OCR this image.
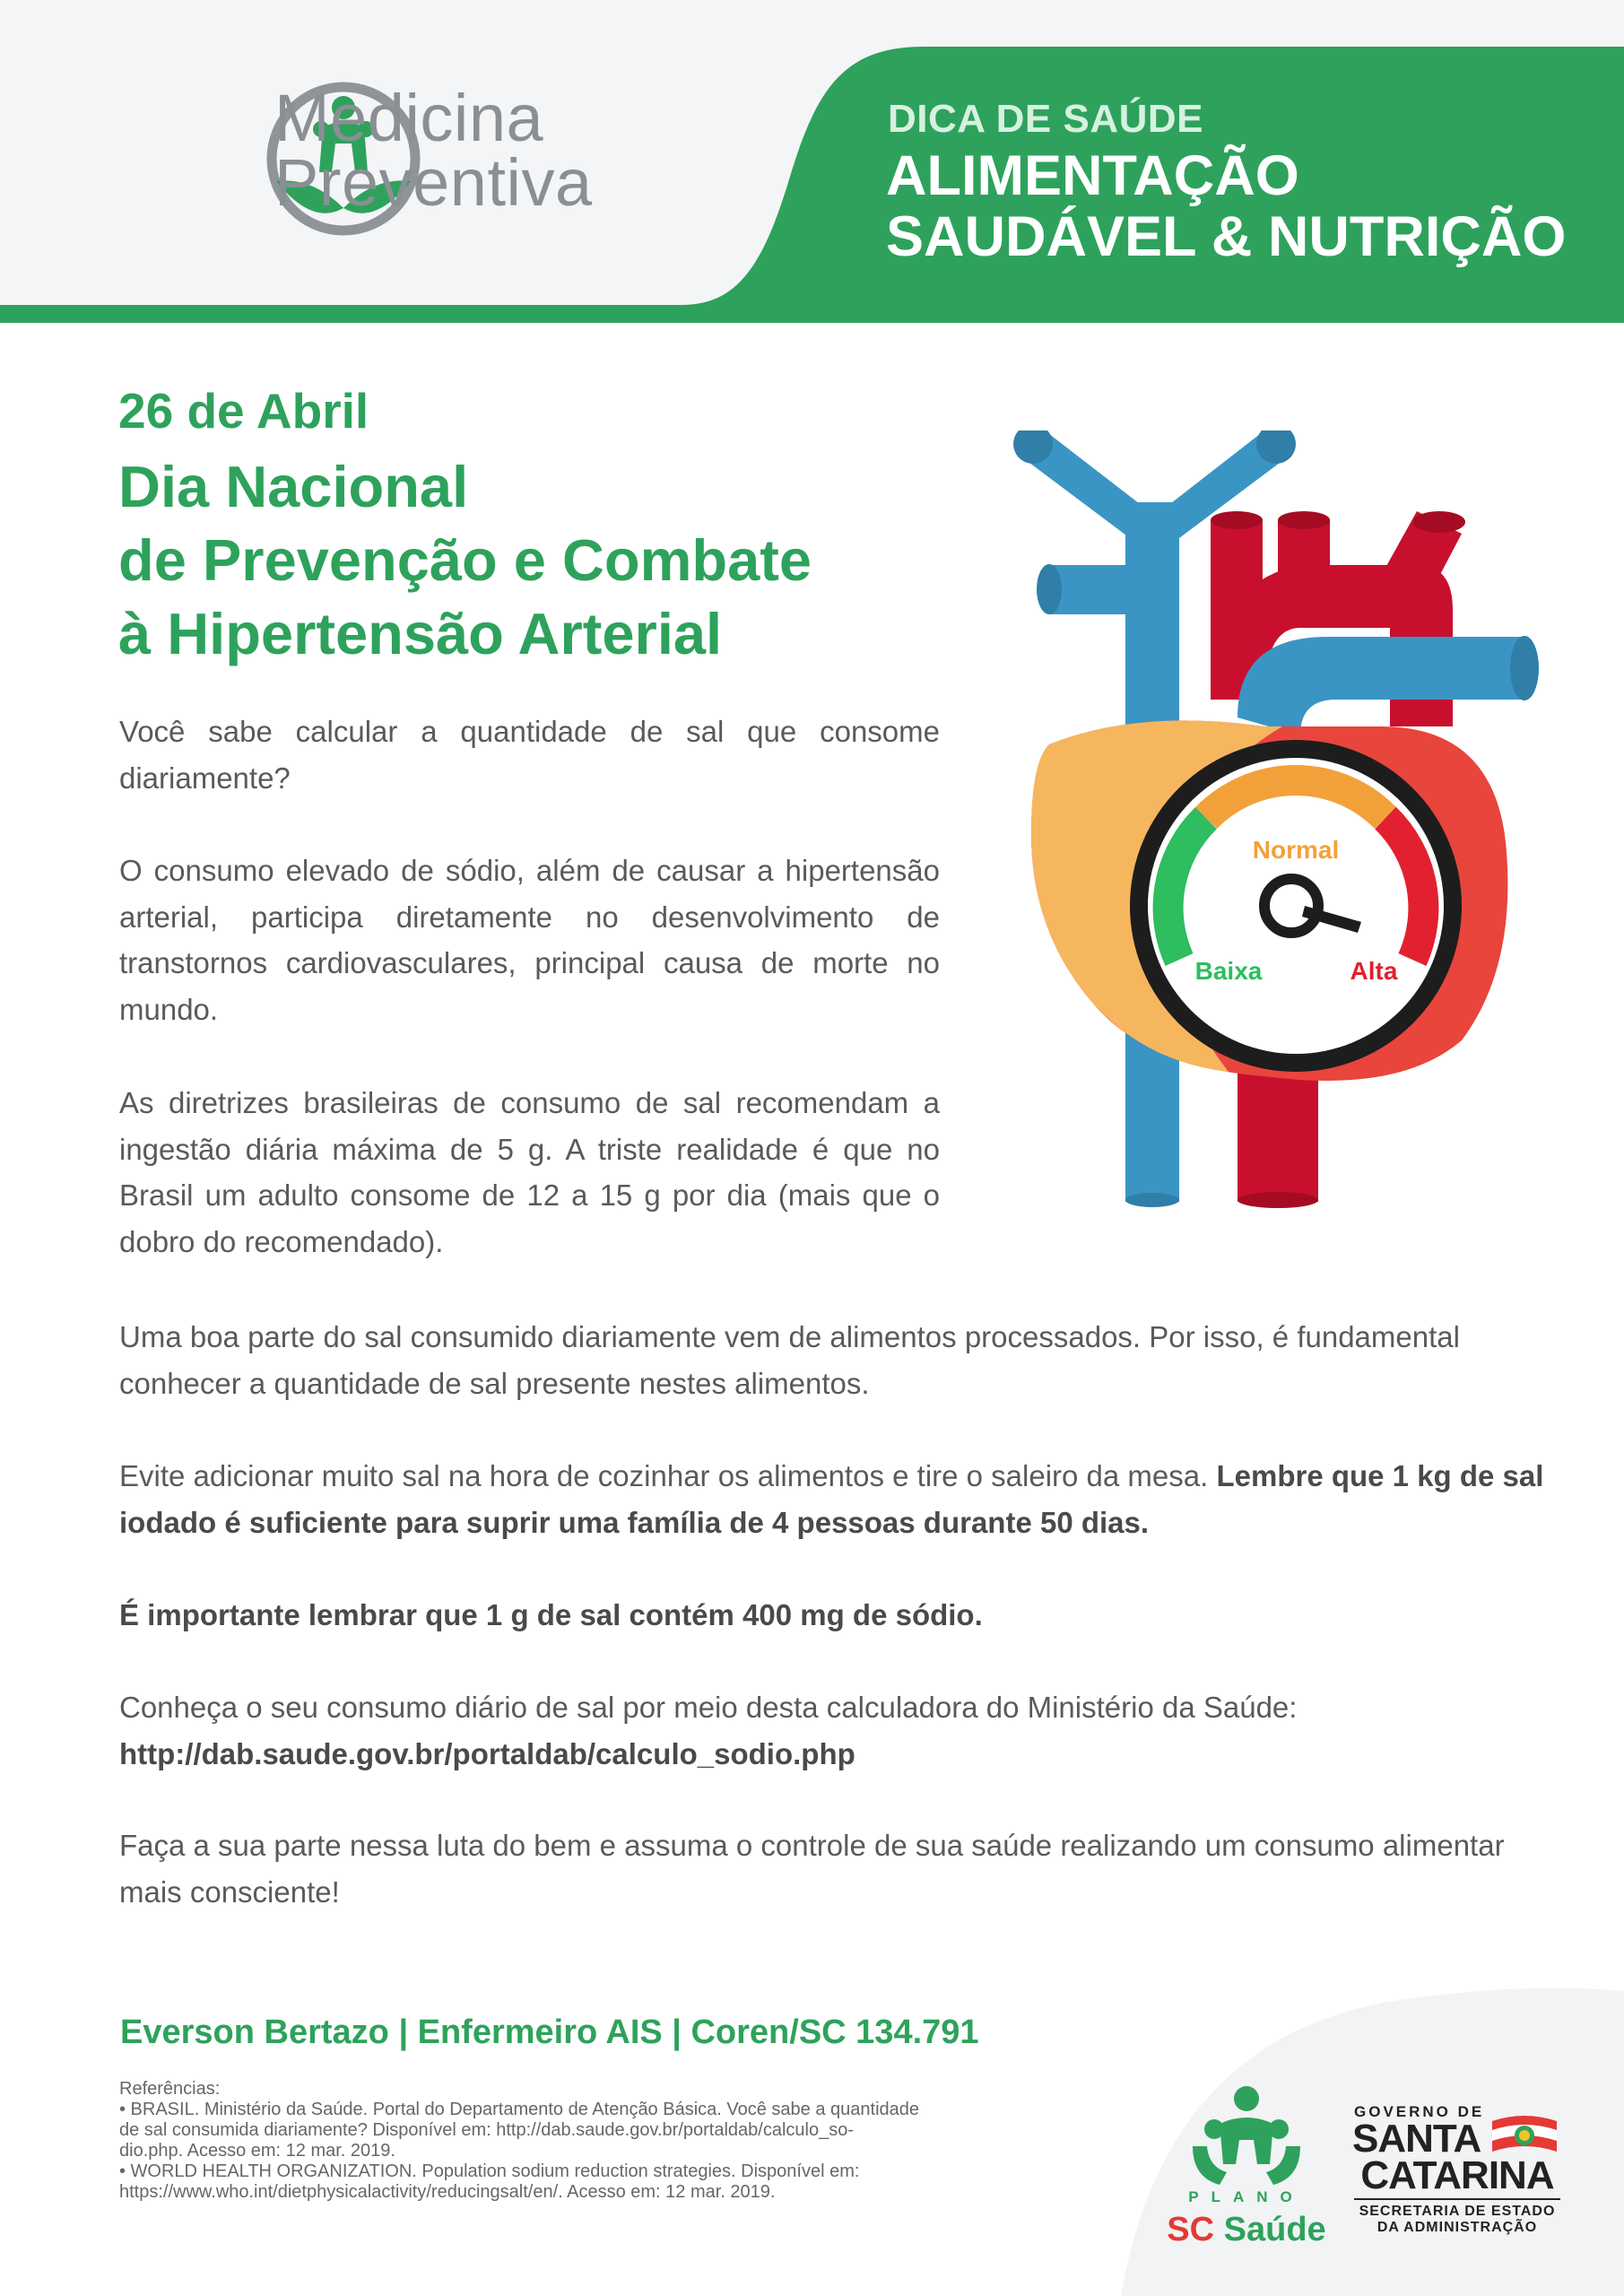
Medicina
Preventiva
DICA DE SAÚDE
ALIMENTAÇÃO
SAUDÁVEL & NUTRIÇÃO
26 de Abril
Dia Nacional
de Prevenção e Combate
à Hipertensão Arterial
Você sabe calcular a quantidade de sal que consome diariamente?
O consumo elevado de sódio, além de causar a hipertensão arterial, participa diretamente no desenvolvimento de transtornos cardiovasculares, principal causa de morte no mundo.
As diretrizes brasileiras de consumo de sal recomendam a ingestão diária máxima de 5 g. A triste realidade é que no Brasil um adulto consome de 12 a 15 g por dia (mais que o dobro do recomendado).
Uma boa parte do sal consumido diariamente vem de alimentos processados. Por isso, é fundamental conhecer a quantidade de sal presente nestes alimentos.
Evite adicionar muito sal na hora de cozinhar os alimentos e tire o saleiro da mesa. Lembre que 1 kg de sal iodado é suficiente para suprir uma família de 4 pessoas durante 50 dias.
É importante lembrar que 1 g de sal contém 400 mg de sódio.
Conheça o seu consumo diário de sal por meio desta calculadora do Ministério da Saúde:
http://dab.saude.gov.br/portaldab/calculo_sodio.php
Faça a sua parte nessa luta do bem e assuma o controle de sua saúde realizando um consumo alimentar mais consciente!
Normal
Baixa	Alta
Everson Bertazo | Enfermeiro AIS | Coren/SC 134.791
Referências:
• BRASIL. Ministério da Saúde. Portal do Departamento de Atenção Básica. Você sabe a quantidade
de sal consumida diariamente? Disponível em: http://dab.saude.gov.br/portaldab/calculo_so-
dio.php. Acesso em: 12 mar. 2019.
• WORLD HEALTH ORGANIZATION. Population sodium reduction strategies. Disponível em:
https://www.who.int/dietphysicalactivity/reducingsalt/en/. Acesso em: 12 mar. 2019.	PLANO
SC Saúde
GOVERNO DE
SANTA
CATARINA
SECRETARIA DE ESTADO
DA ADMINISTRAÇÃO
